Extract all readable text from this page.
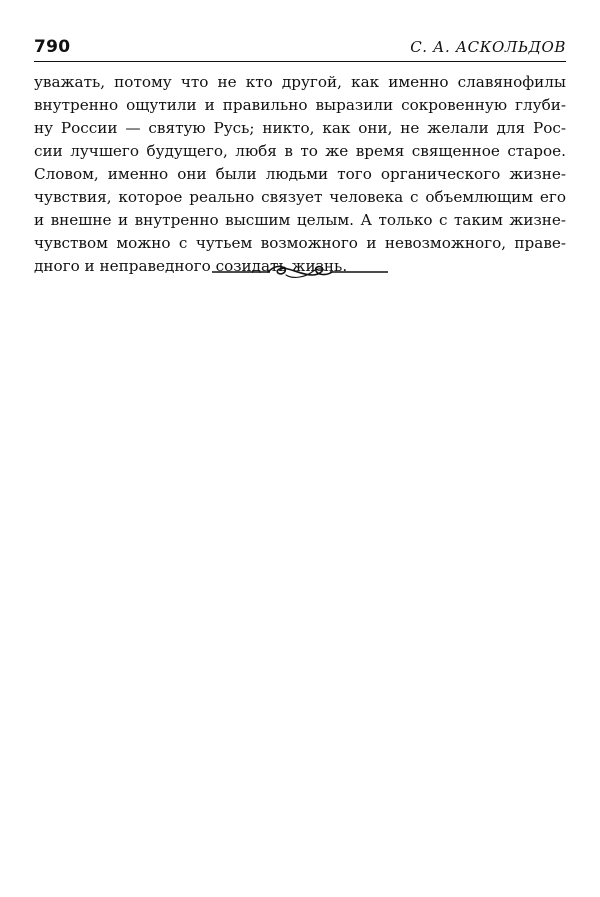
790	С. А. АСКОЛЬДОВ
уважать, потому что не кто другой, как именно славянофилы
внутренно ощутили и правильно выразили сокровенную глуби-
ну России — святую Русь; никто, как они, не желали для Рос-
сии лучшего будущего, любя в то же время священное старое.
Словом, именно они были людьми того органического жизне-
чувствия, которое реально связует человека с объемлющим его
и внешне и внутренно высшим целым. А только с таким жизне-
чувством можно с чутьем возможного и невозможного, праве-
дного и неправедного созидать жизнь.
